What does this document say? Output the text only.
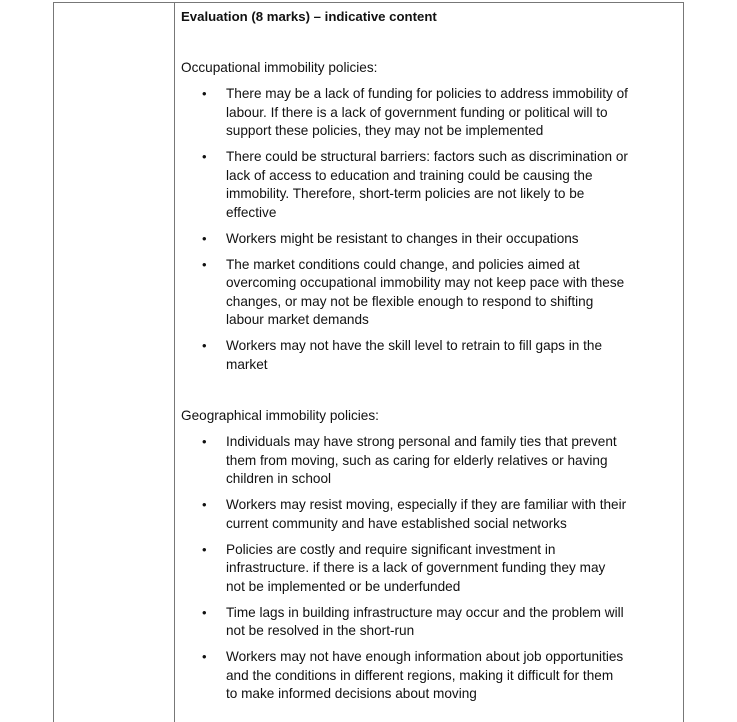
Evaluation (8 marks) – indicative content
Occupational immobility policies:
• There may be a lack of funding for policies to address immobility of
labour. If there is a lack of government funding or political will to
support these policies, they may not be implemented
• There could be structural barriers: factors such as discrimination or
lack of access to education and training could be causing the
immobility. Therefore, short-term policies are not likely to be
effective
• Workers might be resistant to changes in their occupations
• The market conditions could change, and policies aimed at
overcoming occupational immobility may not keep pace with these
changes, or may not be flexible enough to respond to shifting
labour market demands
• Workers may not have the skill level to retrain to fill gaps in the
market
Geographical immobility policies:
• Individuals may have strong personal and family ties that prevent
them from moving, such as caring for elderly relatives or having
children in school
• Workers may resist moving, especially if they are familiar with their
current community and have established social networks
• Policies are costly and require significant investment in
infrastructure. if there is a lack of government funding they may
not be implemented or be underfunded
• Time lags in building infrastructure may occur and the problem will
not be resolved in the short-run
• Workers may not have enough information about job opportunities
and the conditions in different regions, making it difficult for them
to make informed decisions about moving
